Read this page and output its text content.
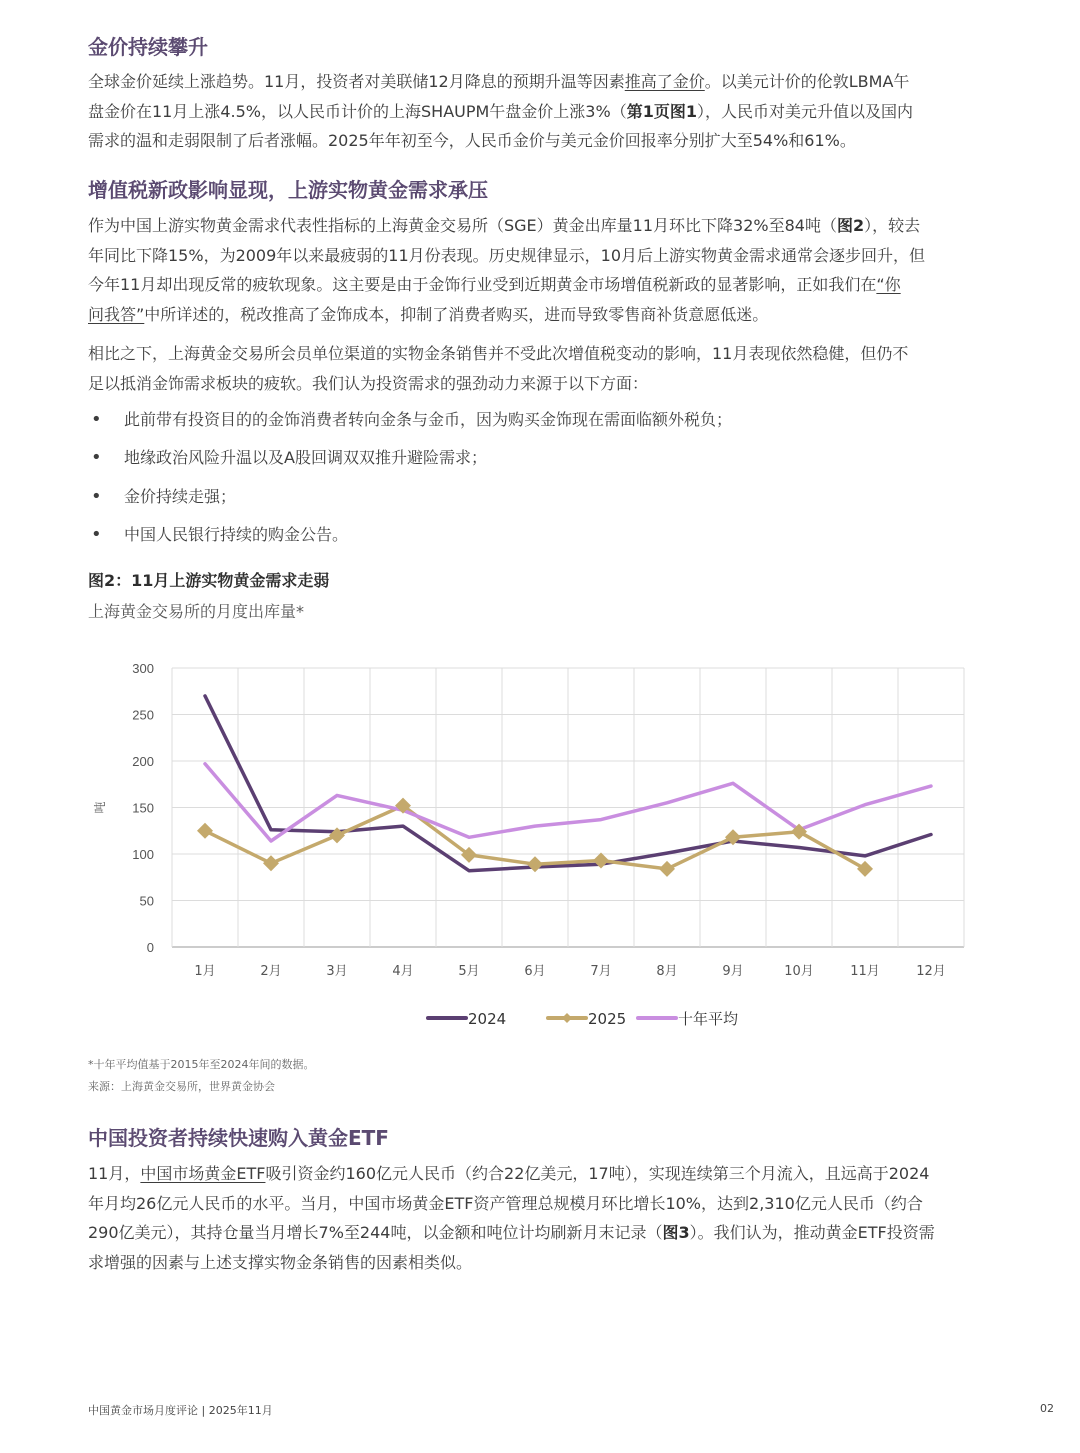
金价持续攀升
全球金价延续上涨趋势。11月，投资者对美联储12月降息的预期升温等因素推高了金价。以美元计价的伦敦LBMA午
盘金价在11月上涨4.5%，以人民币计价的上海SHAUPM午盘金价上涨3%（第1页图1），人民币对美元升值以及国内
需求的温和走弱限制了后者涨幅。2025年年初至今，人民币金价与美元金价回报率分别扩大至54%和61%。
增值税新政影响显现，上游实物黄金需求承压
作为中国上游实物黄金需求代表性指标的上海黄金交易所（SGE）黄金出库量11月环比下降32%至84吨（图2），较去
年同比下降15%，为2009年以来最疲弱的11月份表现。历史规律显示，10月后上游实物黄金需求通常会逐步回升，但
今年11月却出现反常的疲软现象。这主要是由于金饰行业受到近期黄金市场增值税新政的显著影响，正如我们在“你
问我答”中所详述的，税改推高了金饰成本，抑制了消费者购买，进而导致零售商补货意愿低迷。
相比之下，上海黄金交易所会员单位渠道的实物金条销售并不受此次增值税变动的影响，11月表现依然稳健，但仍不
足以抵消金饰需求板块的疲软。我们认为投资需求的强劲动力来源于以下方面：
• 此前带有投资目的的金饰消费者转向金条与金币，因为购买金饰现在需面临额外税负；
• 地缘政治风险升温以及A股回调双双推升避险需求；
• 金价持续走强；
• 中国人民银行持续的购金公告。
图2：11月上游实物黄金需求走弱
上海黄金交易所的月度出库量*
*十年平均值基于2015年至2024年间的数据。
来源：上海黄金交易所，世界黄金协会
中国投资者持续快速购入黄金ETF
11月，中国市场黄金ETF吸引资金约160亿元人民币（约合22亿美元，17吨），实现连续第三个月流入，且远高于2024
年月均26亿元人民币的水平。当月，中国市场黄金ETF资产管理总规模月环比增长10%，达到2,310亿元人民币（约合
290亿美元），其持仓量当月增长7%至244吨，以金额和吨位计均刷新月末记录（图3）。我们认为，推动黄金ETF投资需
求增强的因素与上述支撑实物金条销售的因素相类似。
0
50
100
150
200
250
300
吨
1月	2月	3月	4月	5月	6月	7月	8月	9月	10月	11月	12月
2024	2025	十年平均
中国黄金市场月度评论 | 2025年11月	02
